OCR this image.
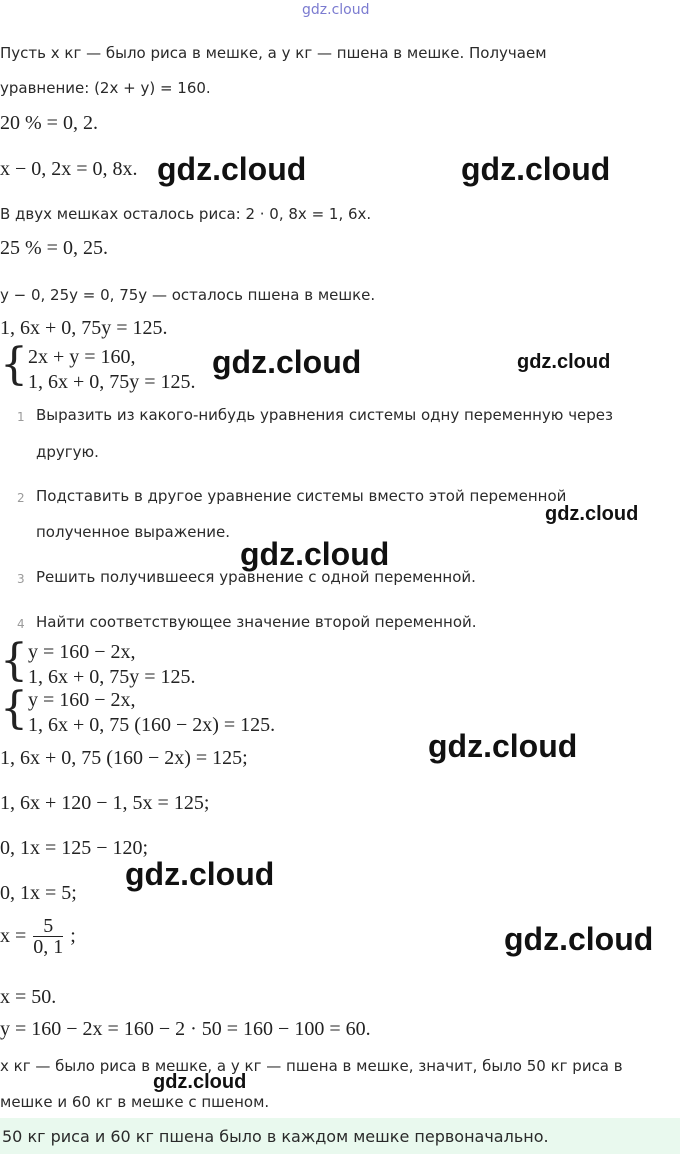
gdz.cloud
Пусть x кг — было риса в мешке, а y кг — пшена в мешке. Получаем
уравнение: (2x + y) = 160.
20 % = 0, 2.
x − 0, 2x = 0, 8x.
В двух мешках осталось риса: 2 · 0, 8x = 1, 6x.
25 % = 0, 25.
y − 0, 25y = 0, 75y — осталось пшена в мешке.
1, 6x + 0, 75y = 125.
{ 2x + y = 160,
1, 6x + 0, 75y = 125.
1 Выразить из какого-нибудь уравнения системы одну переменную через
другую.
2 Подставить в другое уравнение системы вместо этой переменной
полученное выражение.
3 Решить получившееся уравнение с одной переменной.
4 Найти соответствующее значение второй переменной.
{ y = 160 − 2x,
1, 6x + 0, 75y = 125.
{ y = 160 − 2x,
1, 6x + 0, 75 (160 − 2x) = 125.
1, 6x + 0, 75 (160 − 2x) = 125;
1, 6x + 120 − 1, 5x = 125;
0, 1x = 125 − 120;
0, 1x = 5;
$x = \frac{5}{0, 1}$ ;
x = 50.
y = 160 − 2x = 160 − 2 · 50 = 160 − 100 = 60.
x кг — было риса в мешке, а y кг — пшена в мешке, значит, было 50 кг риса в
мешке и 60 кг в мешке с пшеном.
50 кг риса и 60 кг пшена было в каждом мешке первоначально.
gdz.cloud	gdz.cloud
gdz.cloud	gdz.cloud
gdz.cloud
gdz.cloud
gdz.cloud
gdz.cloud
gdz.cloud
gdz.cloud
